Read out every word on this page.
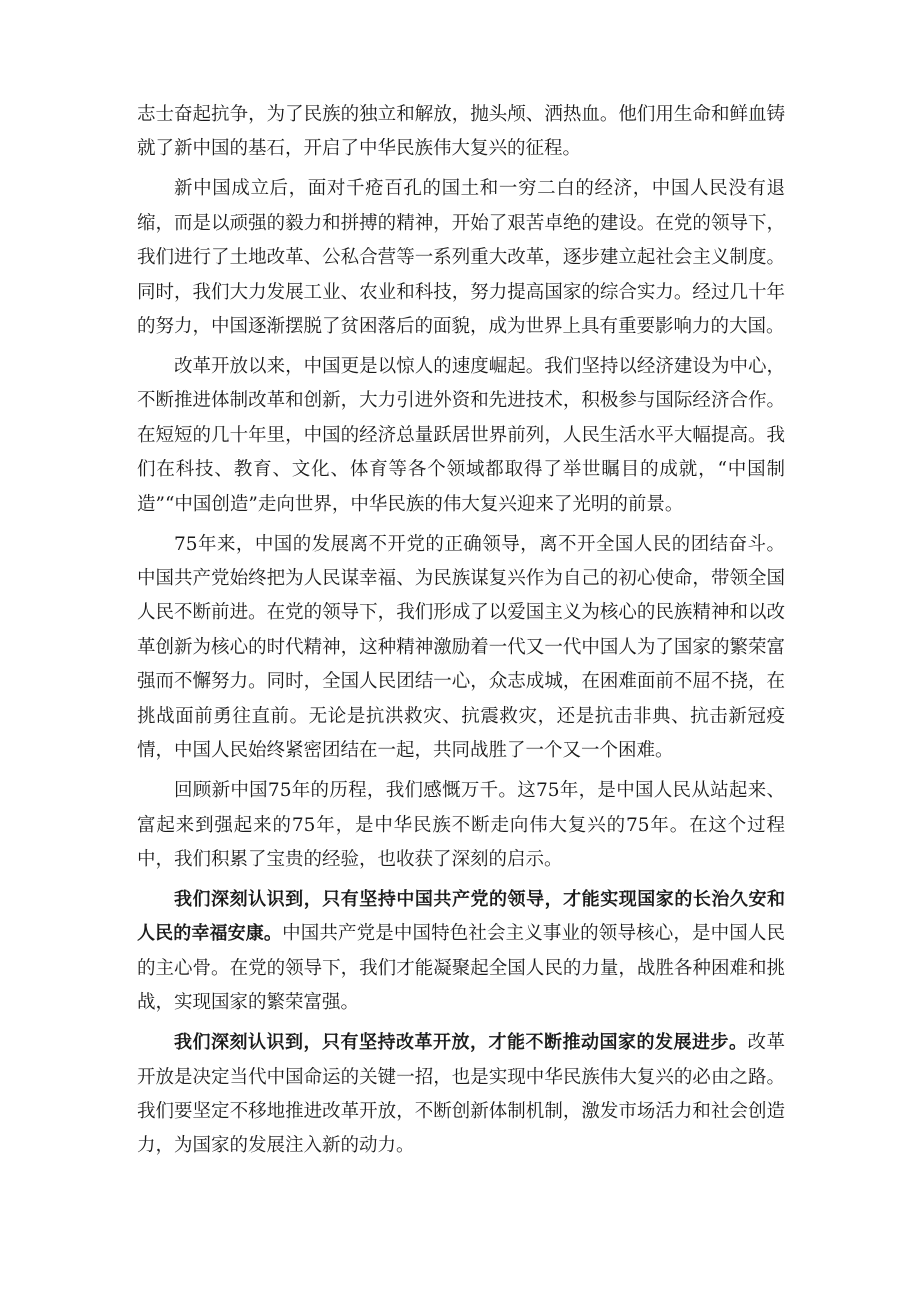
志士奋起抗争，为了民族的独立和解放，抛头颅、洒热血。他们用生命和鲜血铸就了新中国的基石，开启了中华民族伟大复兴的征程。

新中国成立后，面对千疮百孔的国土和一穷二白的经济，中国人民没有退缩，而是以顽强的毅力和拼搏的精神，开始了艰苦卓绝的建设。在党的领导下，我们进行了土地改革、公私合营等一系列重大改革，逐步建立起社会主义制度。同时，我们大力发展工业、农业和科技，努力提高国家的综合实力。经过几十年的努力，中国逐渐摆脱了贫困落后的面貌，成为世界上具有重要影响力的大国。

改革开放以来，中国更是以惊人的速度崛起。我们坚持以经济建设为中心，不断推进体制改革和创新，大力引进外资和先进技术，积极参与国际经济合作。在短短的几十年里，中国的经济总量跃居世界前列，人民生活水平大幅提高。我们在科技、教育、文化、体育等各个领域都取得了举世瞩目的成就，“中国制造”“中国创造”走向世界，中华民族的伟大复兴迎来了光明的前景。

75年来，中国的发展离不开党的正确领导，离不开全国人民的团结奋斗。中国共产党始终把为人民谋幸福、为民族谋复兴作为自己的初心使命，带领全国人民不断前进。在党的领导下，我们形成了以爱国主义为核心的民族精神和以改革创新为核心的时代精神，这种精神激励着一代又一代中国人为了国家的繁荣富强而不懈努力。同时，全国人民团结一心，众志成城，在困难面前不屈不挠，在挑战面前勇往直前。无论是抗洪救灾、抗震救灾，还是抗击非典、抗击新冠疫情，中国人民始终紧密团结在一起，共同战胜了一个又一个困难。

回顾新中国75年的历程，我们感慨万千。这75年，是中国人民从站起来、富起来到强起来的75年，是中华民族不断走向伟大复兴的75年。在这个过程中，我们积累了宝贵的经验，也收获了深刻的启示。

我们深刻认识到，只有坚持中国共产党的领导，才能实现国家的长治久安和人民的幸福安康。中国共产党是中国特色社会主义事业的领导核心，是中国人民的主心骨。在党的领导下，我们才能凝聚起全国人民的力量，战胜各种困难和挑战，实现国家的繁荣富强。

我们深刻认识到，只有坚持改革开放，才能不断推动国家的发展进步。改革开放是决定当代中国命运的关键一招，也是实现中华民族伟大复兴的必由之路。我们要坚定不移地推进改革开放，不断创新体制机制，激发市场活力和社会创造力，为国家的发展注入新的动力。
